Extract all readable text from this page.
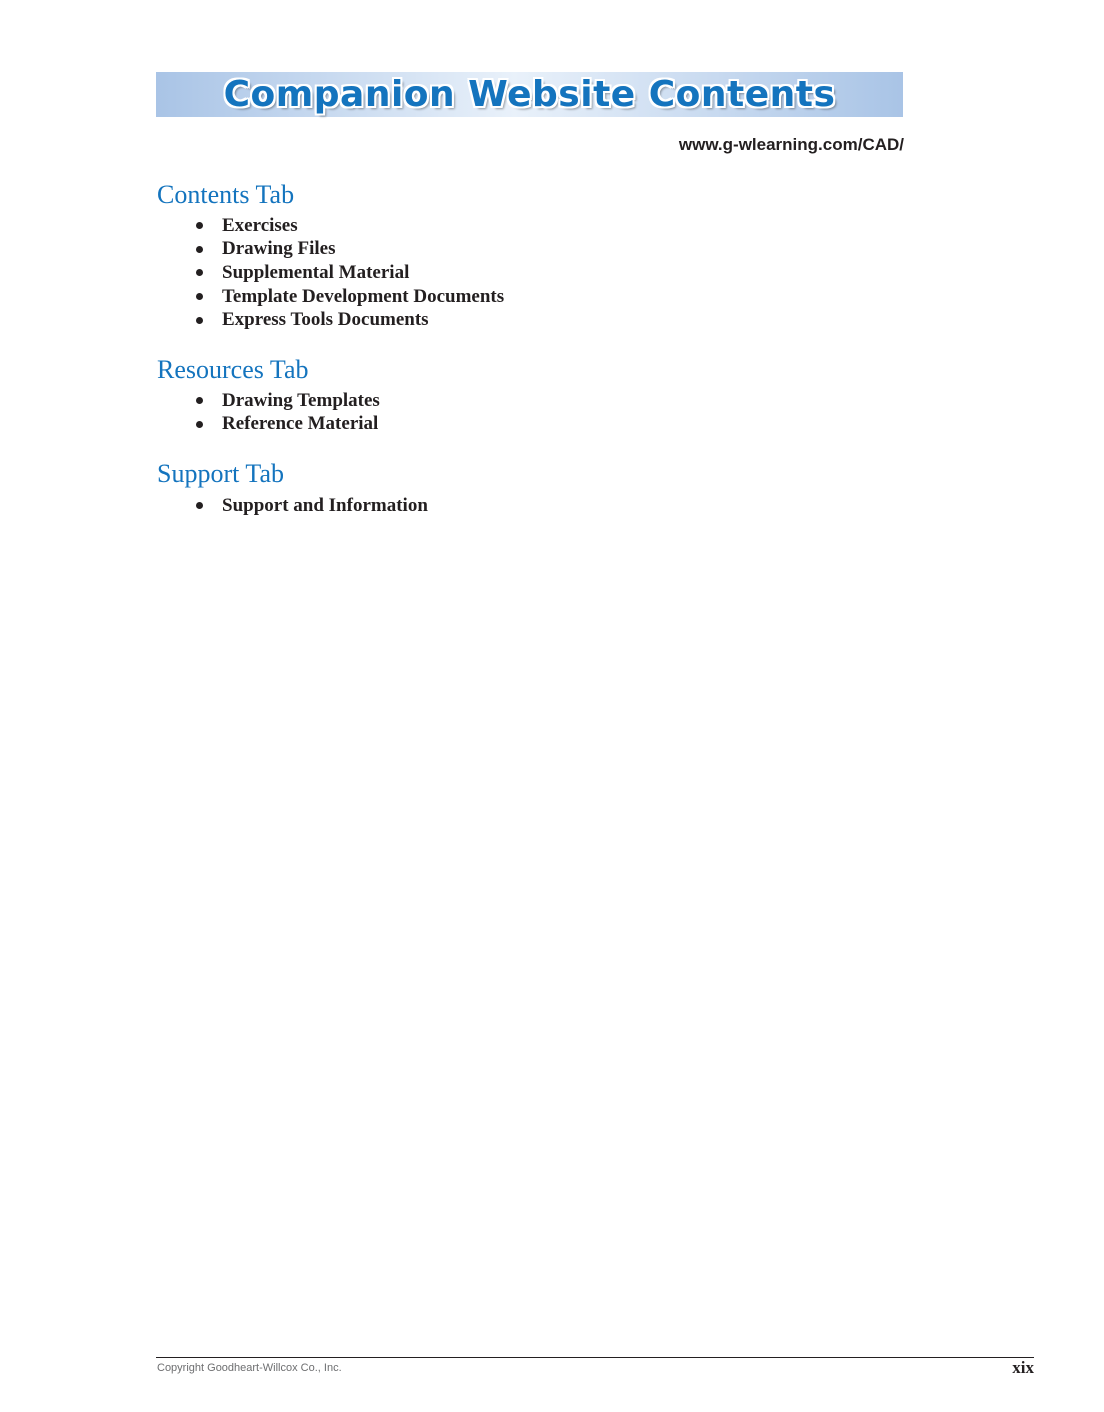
Companion Website Contents
www.g-wlearning.com/CAD/
Contents Tab
Exercises
Drawing Files
Supplemental Material
Template Development Documents
Express Tools Documents
Resources Tab
Drawing Templates
Reference Material
Support Tab
Support and Information
Copyright Goodheart-Willcox Co., Inc.	xix
